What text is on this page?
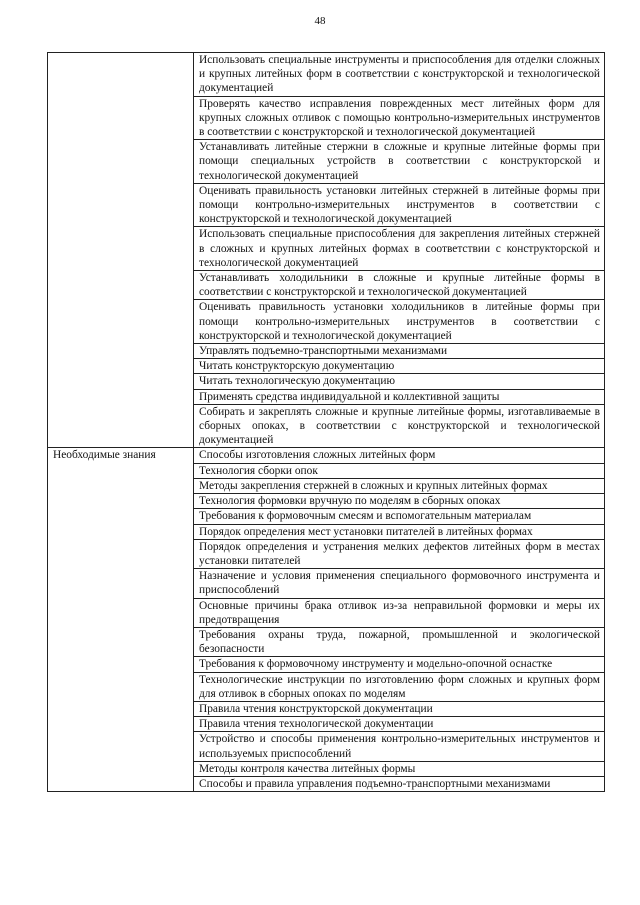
48
	Использовать специальные инструменты и приспособления для отделки сложных и крупных литейных форм в соответствии с конструкторской и технологической документацией
	Проверять качество исправления поврежденных мест литейных форм для крупных сложных отливок с помощью контрольно-измерительных инструментов в соответствии с конструкторской и технологической документацией
	Устанавливать литейные стержни в сложные и крупные литейные формы при помощи специальных устройств в соответствии с конструкторской и технологической документацией
	Оценивать правильность установки литейных стержней в литейные формы при помощи контрольно-измерительных инструментов в соответствии с конструкторской и технологической документацией
	Использовать специальные приспособления для закрепления литейных стержней в сложных и крупных литейных формах в соответствии с конструкторской и технологической документацией
	Устанавливать холодильники в сложные и крупные литейные формы в соответствии с конструкторской и технологической документацией
	Оценивать правильность установки холодильников в литейные формы при помощи контрольно-измерительных инструментов в соответствии с конструкторской и технологической документацией
	Управлять подъемно-транспортными механизмами
	Читать конструкторскую документацию
	Читать технологическую документацию
	Применять средства индивидуальной и коллективной защиты
	Собирать и закреплять сложные и крупные литейные формы, изготавливаемые в сборных опоках, в соответствии с конструкторской и технологической документацией
Необходимые знания	Способы изготовления сложных литейных форм
	Технология сборки опок
	Методы закрепления стержней в сложных и крупных литейных формах
	Технология формовки вручную по моделям в сборных опоках
	Требования к формовочным смесям и вспомогательным материалам
	Порядок определения мест установки питателей в литейных формах
	Порядок определения и устранения мелких дефектов литейных форм в местах установки питателей
	Назначение и условия применения специального формовочного инструмента и приспособлений
	Основные причины брака отливок из-за неправильной формовки и меры их предотвращения
	Требования охраны труда, пожарной, промышленной и экологической безопасности
	Требования к формовочному инструменту и модельно-опочной оснастке
	Технологические инструкции по изготовлению форм сложных и крупных форм для отливок в сборных опоках по моделям
	Правила чтения конструкторской документации
	Правила чтения технологической документации
	Устройство и способы применения контрольно-измерительных инструментов и используемых приспособлений
	Методы контроля качества литейных формы
	Способы и правила управления подъемно-транспортными механизмами
